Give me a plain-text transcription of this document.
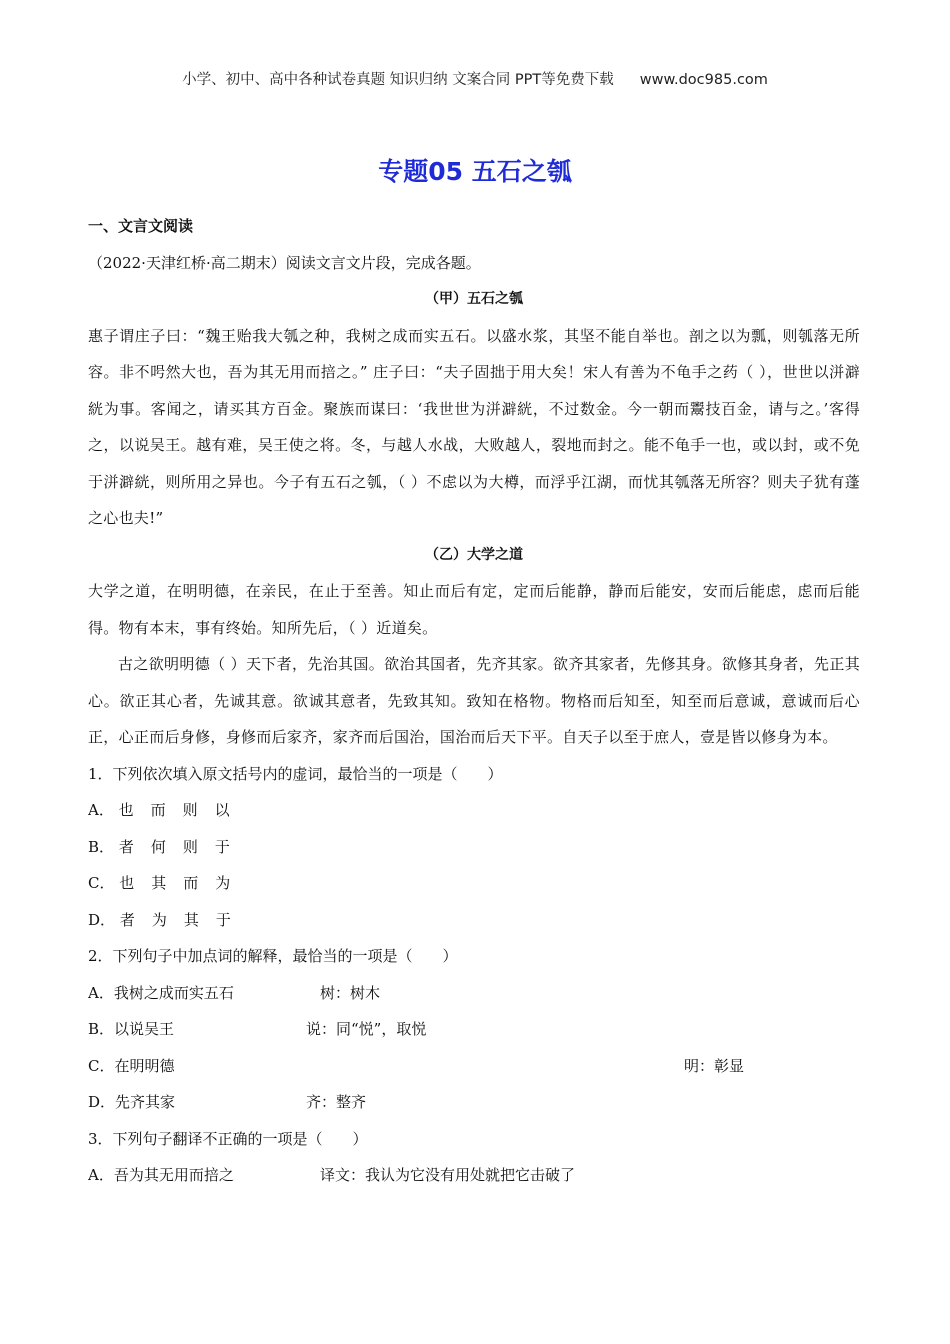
小学、初中、高中各种试卷真题 知识归纳 文案合同 PPT等免费下载 www.doc985.com
专题05 五石之瓠
一、文言文阅读
（2022·天津红桥·高二期末）阅读文言文片段，完成各题。
（甲）五石之瓠
惠子谓庄子曰：“魏王贻我大瓠之种，我树之成而实五石。以盛水浆，其坚不能自举也。剖之以为瓢，则瓠落无所容。非不呺然大也，吾为其无用而掊之。” 庄子曰：“夫子固拙于用大矣！宋人有善为不龟手之药（ ），世世以洴澼絖为事。客闻之，请买其方百金。聚族而谋曰：‘我世世为洴澼絖，不过数金。今一朝而鬻技百金，请与之。’客得之，以说吴王。越有难，吴王使之将。冬，与越人水战，大败越人，裂地而封之。能不龟手一也，或以封，或不免于洴澼絖，则所用之异也。今子有五石之瓠，（ ）不虑以为大樽，而浮乎江湖，而忧其瓠落无所容？则夫子犹有蓬之心也夫!”
（乙）大学之道
大学之道，在明明德，在亲民，在止于至善。知止而后有定，定而后能静，静而后能安，安而后能虑，虑而后能得。物有本末，事有终始。知所先后，（ ）近道矣。
古之欲明明德（ ）天下者，先治其国。欲治其国者，先齐其家。欲齐其家者，先修其身。欲修其身者，先正其心。欲正其心者，先诚其意。欲诚其意者，先致其知。致知在格物。物格而后知至，知至而后意诚，意诚而后心正，心正而后身修，身修而后家齐，家齐而后国治，国治而后天下平。自天子以至于庶人，壹是皆以修身为本。
1．下列依次填入原文括号内的虚词，最恰当的一项是（　　）
A． 也 而 则 以
B． 者 何 则 于
C． 也 其 而 为
D． 者 为 其 于
2．下列句子中加点词的解释，最恰当的一项是（　　）
A．我树之成而实五石	树：树木
B．以说吴王	说：同“悦”，取悦
C．在明明德	明：彰显
D．先齐其家	齐：整齐
3．下列句子翻译不正确的一项是（　　）
A．吾为其无用而掊之	译文：我认为它没有用处就把它击破了
